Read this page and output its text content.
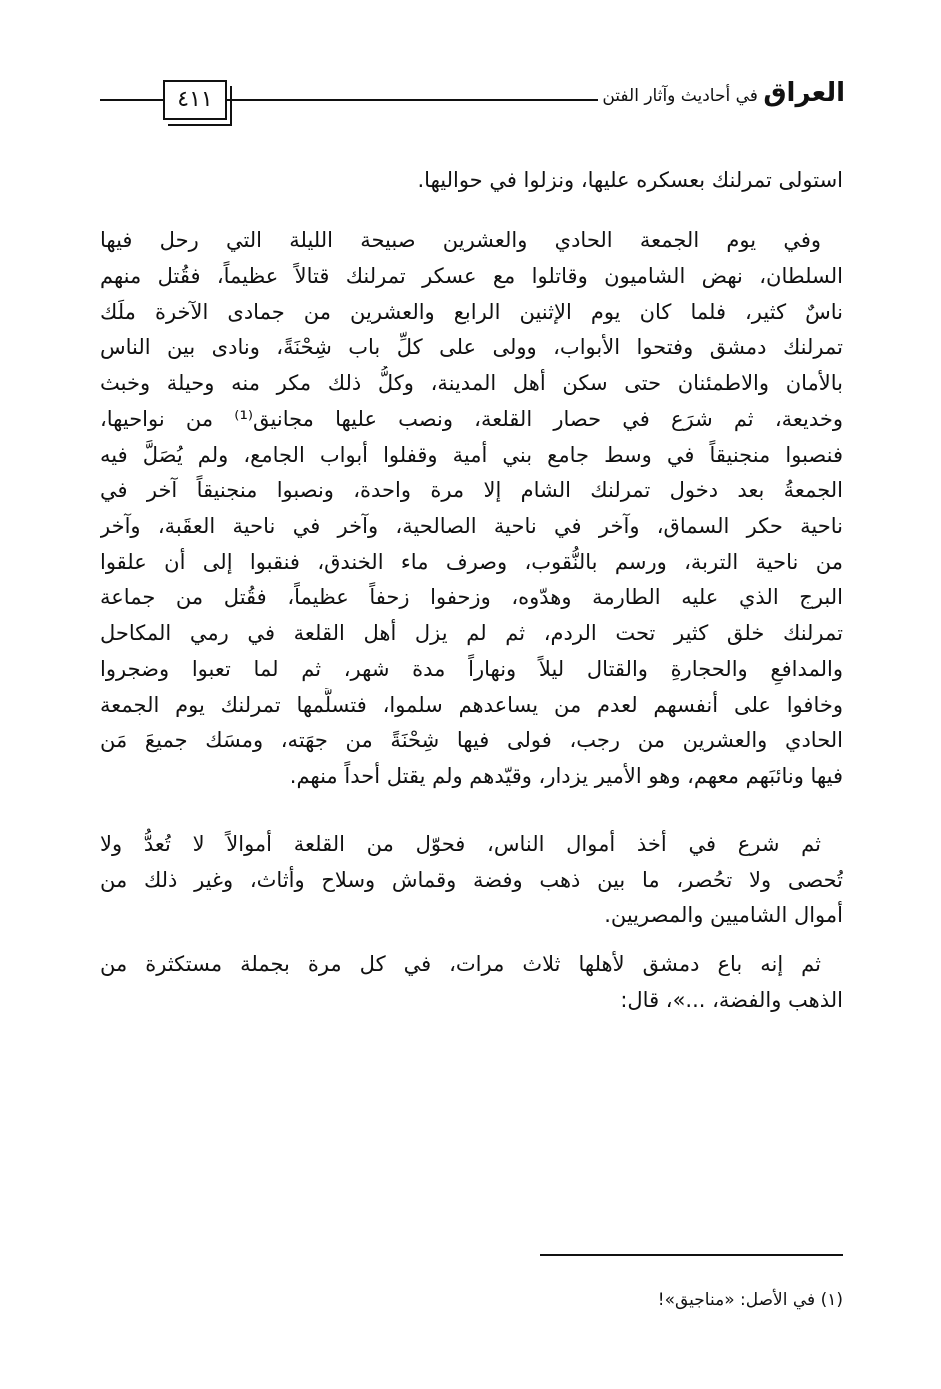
٤١١	العراق في أحاديث وآثار الفتن
استولى تمرلنك بعسكره عليها، ونزلوا في حواليها.
وفي يوم الجمعة الحادي والعشرين صبيحة الليلة التي رحل فيها
السلطان، نهض الشاميون وقاتلوا مع عسكر تمرلنك قتالاً عظيماً، فقُتل منهم
ناسٌ كثير، فلما كان يوم الإثنين الرابع والعشرين من جمادى الآخرة ملَك
تمرلنك دمشق وفتحوا الأبواب، وولى على كلِّ باب شِحْنَةً، ونادى بين الناس
بالأمان والاطمئنان حتى سكن أهل المدينة، وكلُّ ذلك مكر منه وحيلة وخبث
وخديعة، ثم شرَع في حصار القلعة، ونصب عليها مجانيق⁽¹⁾ من نواحيها،
فنصبوا منجنيقاً في وسط جامع بني أمية وقفلوا أبواب الجامع، ولم يُصَلَّ فيه
الجمعةُ بعد دخول تمرلنك الشام إلا مرة واحدة، ونصبوا منجنيقاً آخر في
ناحية حكر السماق، وآخر في ناحية الصالحية، وآخر في ناحية العقَبة، وآخر
من ناحية التربة، ورسم بالنُّقوب، وصرف ماء الخندق، فنقبوا إلى أن علقوا
البرج الذي عليه الطارمة وهدّوه، وزحفوا زحفاً عظيماً، فقُتل من جماعة
تمرلنك خلق كثير تحت الردم، ثم لم يزل أهل القلعة في رمي المكاحل
والمدافعِ والحجارةِ والقتال ليلاً ونهاراً مدة شهر، ثم لما تعبوا وضجروا
وخافوا على أنفسهم لعدم من يساعدهم سلموا، فتسلَّمها تمرلنك يوم الجمعة
الحادي والعشرين من رجب، فولى فيها شِحْنَةً من جهَته، ومسَك جميعَ مَن
فيها ونائبَهم معهم، وهو الأمير يزدار، وقيّدهم ولم يقتل أحداً منهم.
ثم شرع في أخذ أموال الناس، فحوّل من القلعة أموالاً لا تُعدُّ ولا
تُحصى ولا تحُصر، ما بين ذهب وفضة وقماش وسلاح وأثاث، وغير ذلك من
أموال الشاميين والمصريين.
ثم إنه باع دمشق لأهلها ثلاث مرات، في كل مرة بجملة مستكثرة من
الذهب والفضة، ...»، قال:
(١) في الأصل: «مناجيق»!
